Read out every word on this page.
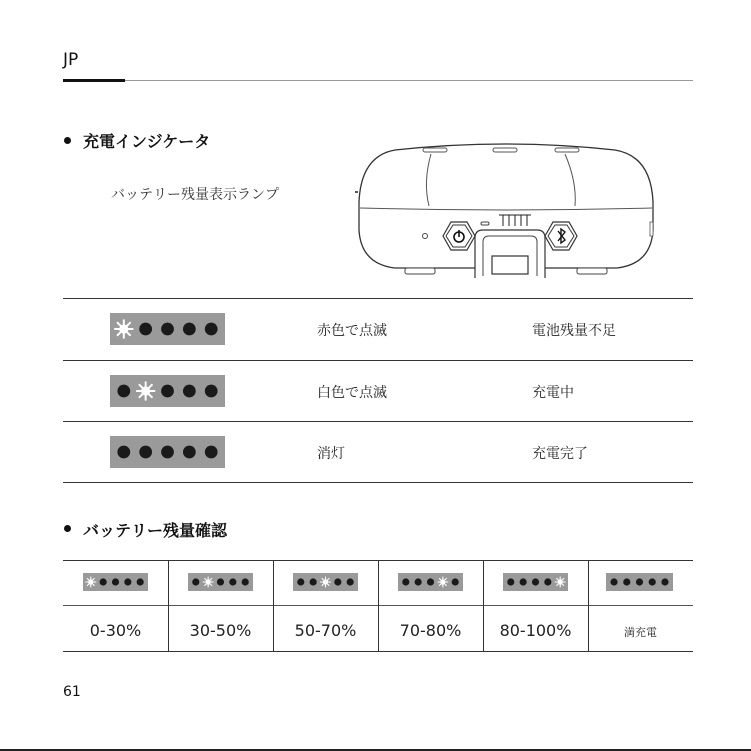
JP
充電インジケータ
バッテリー残量表示ランプ
赤色で点滅	電池残量不足
白色で点滅	充電中
消灯	充電完了
バッテリー残量確認
0-30%	30-50%	50-70%	70-80%	80-100%	満充電
61
